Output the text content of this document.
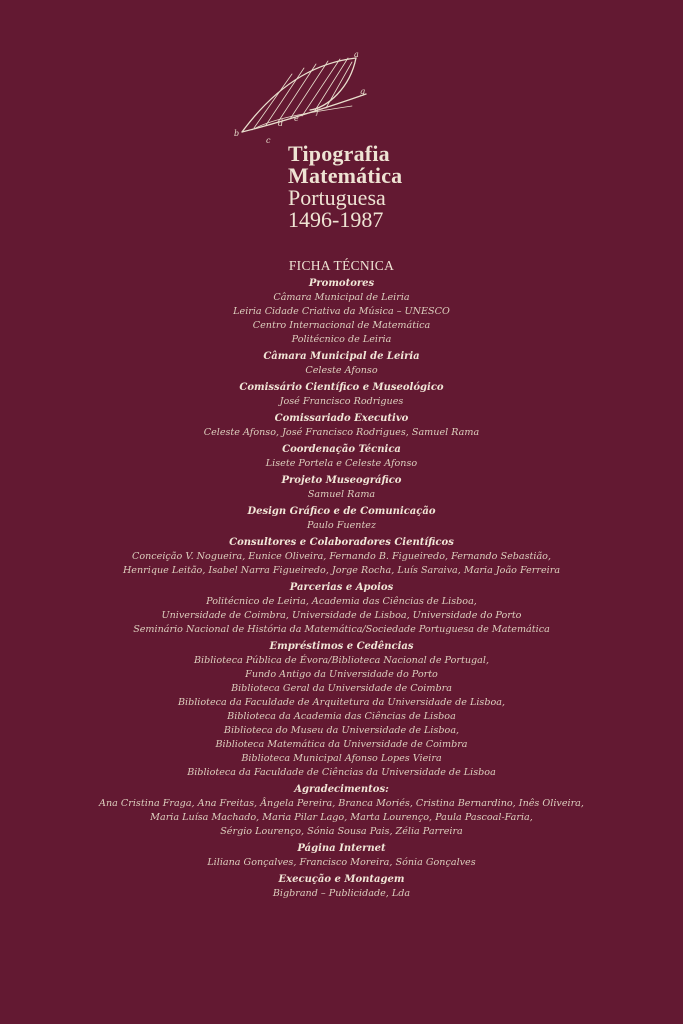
a
b
c
d
e
f
g
Tipografia
Matemática
Portuguesa
1496-1987
FICHA TÉCNICA
Promotores
Câmara Municipal de Leiria
Leiria Cidade Criativa da Música – UNESCO
Centro Internacional de Matemática
Politécnico de Leiria
Câmara Municipal de Leiria
Celeste Afonso
Comissário Científico e Museológico
José Francisco Rodrigues
Comissariado Executivo
Celeste Afonso, José Francisco Rodrigues, Samuel Rama
Coordenação Técnica
Lisete Portela e Celeste Afonso
Projeto Museográfico
Samuel Rama
Design Gráfico e de Comunicação
Paulo Fuentez
Consultores e Colaboradores Científicos
Conceição V. Nogueira, Eunice Oliveira, Fernando B. Figueiredo, Fernando Sebastião,
Henrique Leitão, Isabel Narra Figueiredo, Jorge Rocha, Luís Saraiva, Maria João Ferreira
Parcerias e Apoios
Politécnico de Leiria, Academia das Ciências de Lisboa,
Universidade de Coimbra, Universidade de Lisboa, Universidade do Porto
Seminário Nacional de História da Matemática/Sociedade Portuguesa de Matemática
Empréstimos e Cedências
Biblioteca Pública de Évora/Biblioteca Nacional de Portugal,
Fundo Antigo da Universidade do Porto
Biblioteca Geral da Universidade de Coimbra
Biblioteca da Faculdade de Arquitetura da Universidade de Lisboa,
Biblioteca da Academia das Ciências de Lisboa
Biblioteca do Museu da Universidade de Lisboa,
Biblioteca Matemática da Universidade de Coimbra
Biblioteca Municipal Afonso Lopes Vieira
Biblioteca da Faculdade de Ciências da Universidade de Lisboa
Agradecimentos:
Ana Cristina Fraga, Ana Freitas, Ângela Pereira, Branca Moriés, Cristina Bernardino, Inês Oliveira,
Maria Luísa Machado, Maria Pilar Lago, Marta Lourenço, Paula Pascoal-Faria,
Sérgio Lourenço, Sónia Sousa Pais, Zélia Parreira
Página Internet
Liliana Gonçalves, Francisco Moreira, Sónia Gonçalves
Execução e Montagem
Bigbrand – Publicidade, Lda
